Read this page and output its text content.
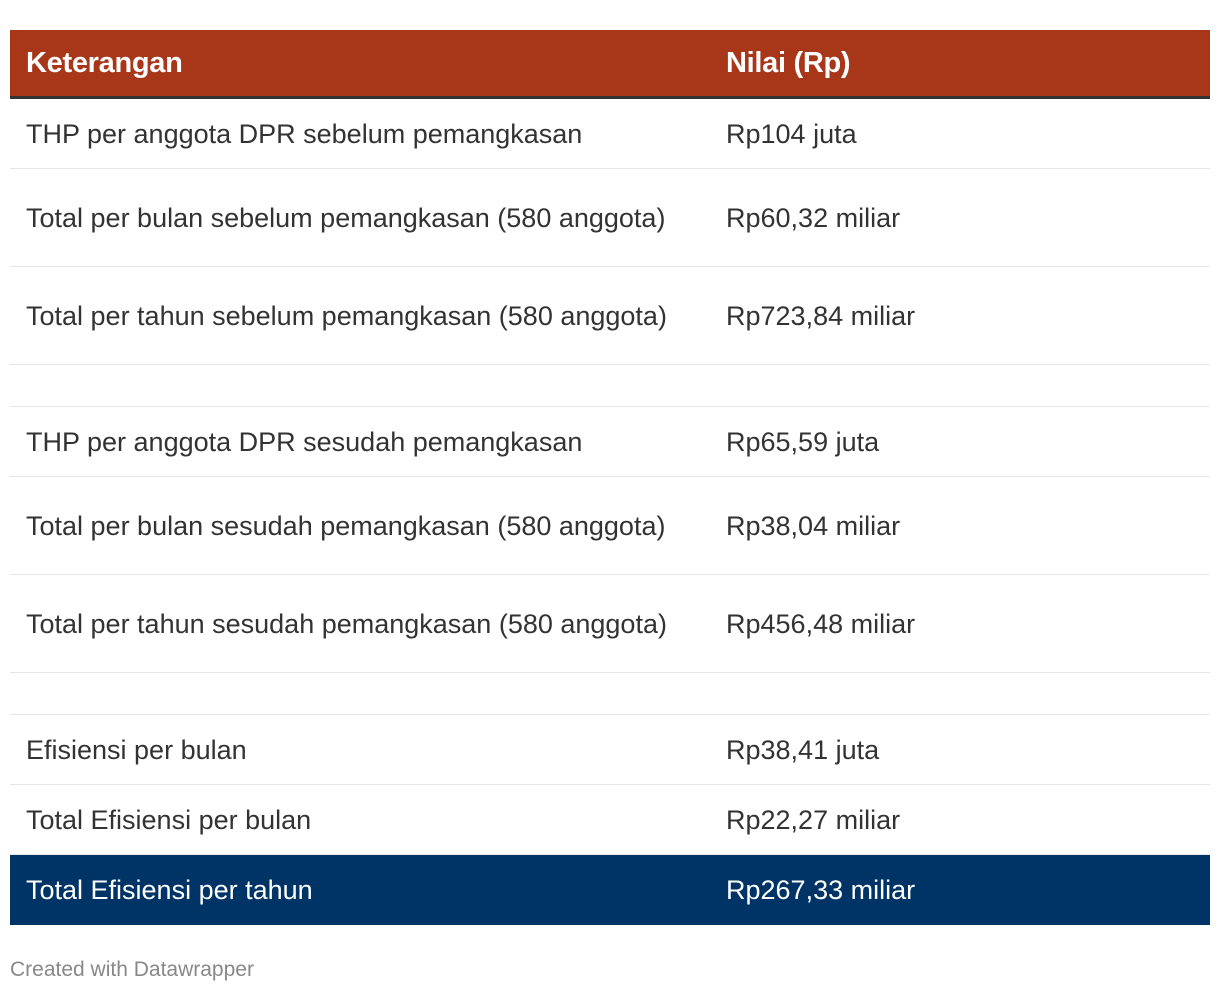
Keterangan	Nilai (Rp)
THP per anggota DPR sebelum pemangkasan	Rp104 juta
Total per bulan sebelum pemangkasan (580 anggota)	Rp60,32 miliar
Total per tahun sebelum pemangkasan (580 anggota)	Rp723,84 miliar

THP per anggota DPR sesudah pemangkasan	Rp65,59 juta
Total per bulan sesudah pemangkasan (580 anggota)	Rp38,04 miliar
Total per tahun sesudah pemangkasan (580 anggota)	Rp456,48 miliar

Efisiensi per bulan	Rp38,41 juta
Total Efisiensi per bulan	Rp22,27 miliar
Total Efisiensi per tahun	Rp267,33 miliar
Created with Datawrapper
